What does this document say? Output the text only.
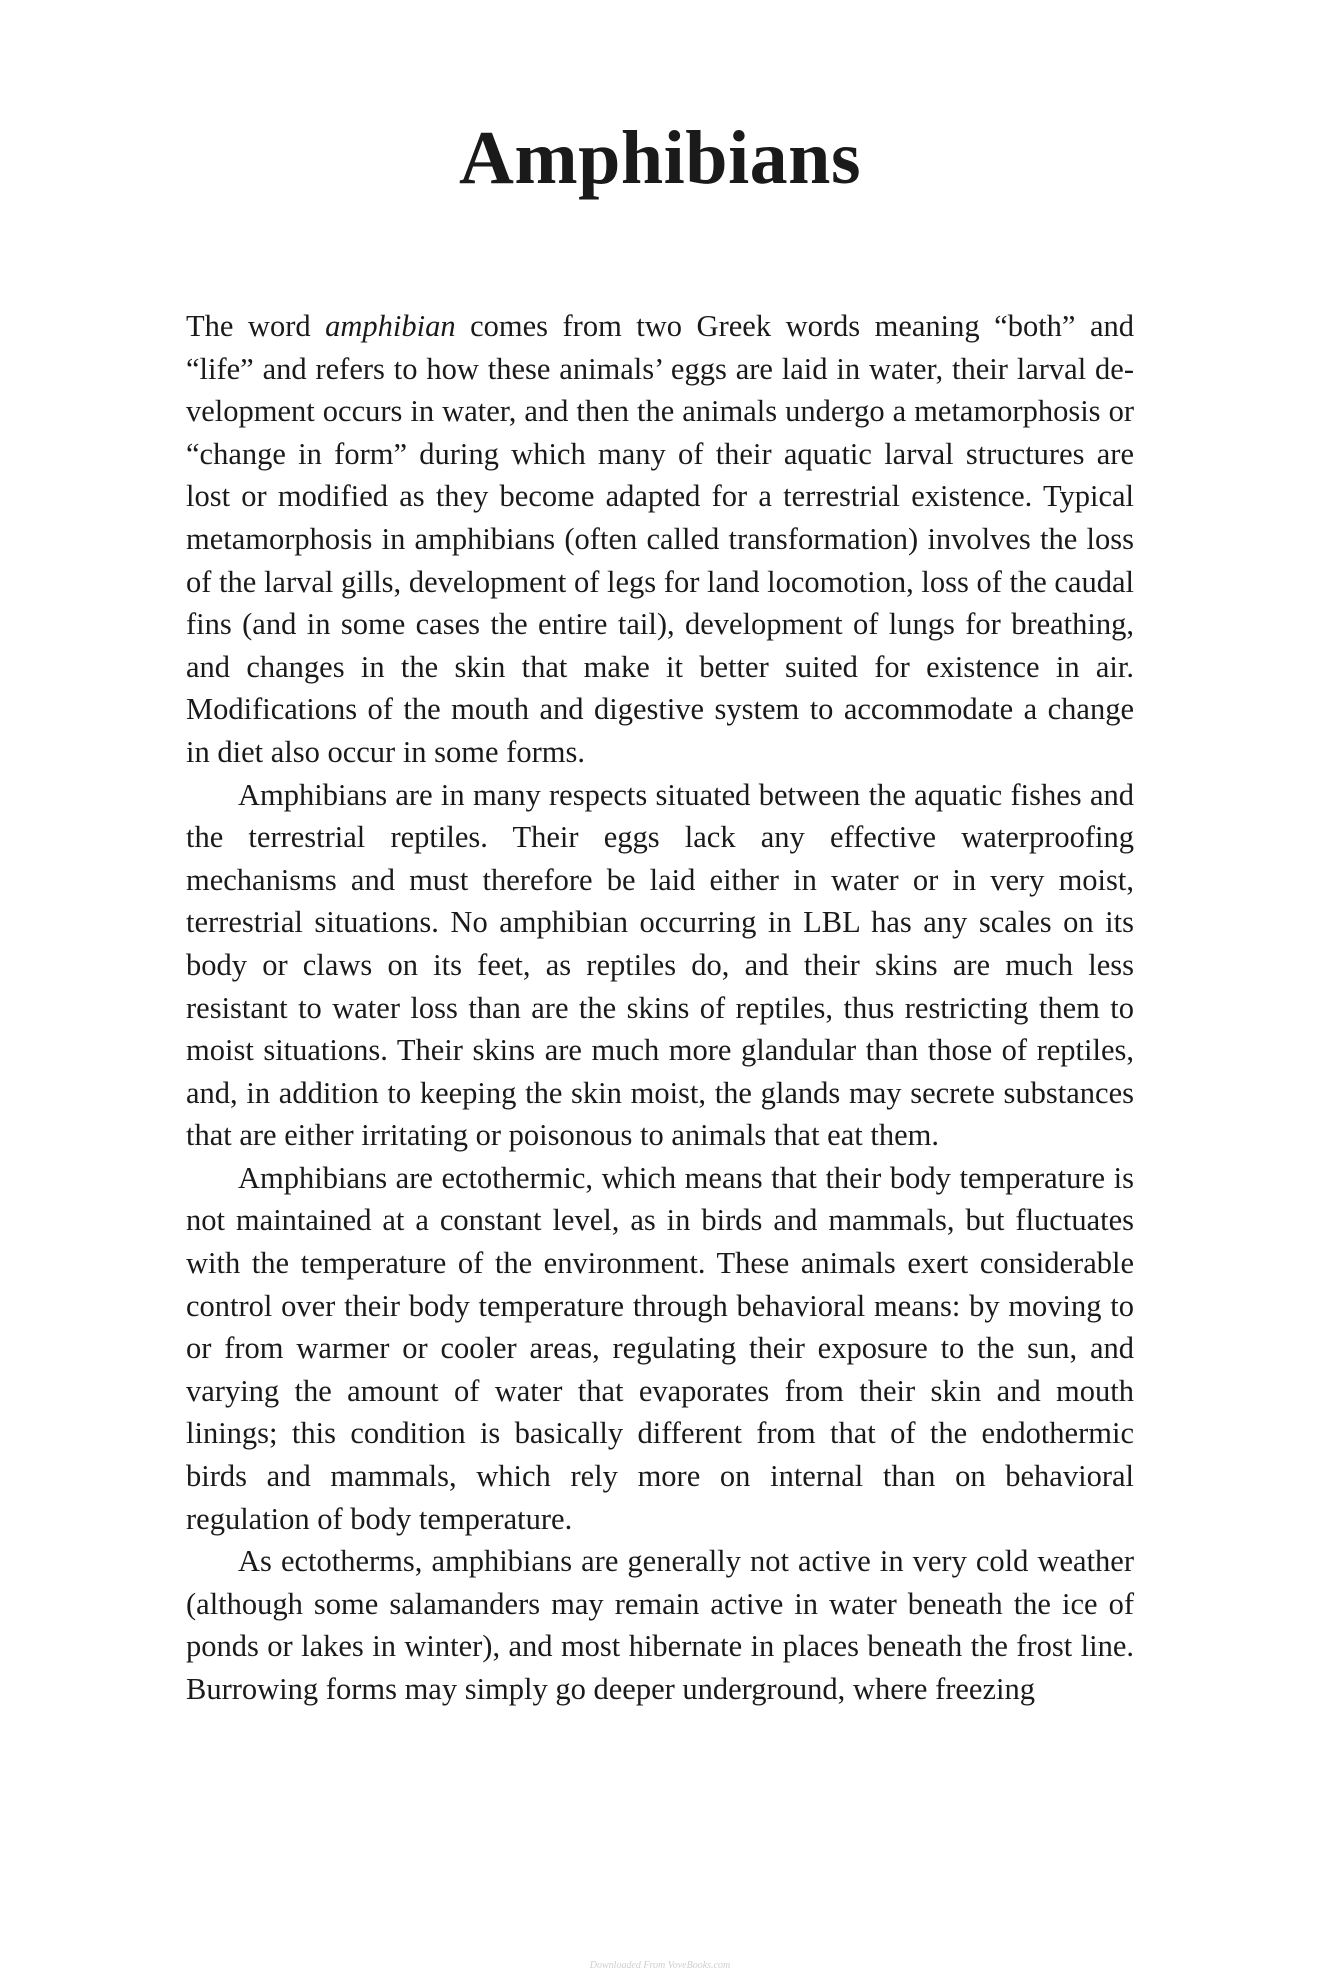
Amphibians

The word amphibian comes from two Greek words meaning “both” and “life” and refers to how these animals’ eggs are laid in water, their larval development occurs in water, and then the animals undergo a metamorphosis or “change in form” during which many of their aquatic larval structures are lost or modified as they become adapted for a terrestrial existence. Typical metamorphosis in amphibians (often called transformation) involves the loss of the larval gills, development of legs for land locomotion, loss of the caudal fins (and in some cases the entire tail), development of lungs for breathing, and changes in the skin that make it better suited for existence in air. Modifications of the mouth and digestive system to accommodate a change in diet also occur in some forms.

Amphibians are in many respects situated between the aquatic fishes and the terrestrial reptiles. Their eggs lack any effective waterproofing mechanisms and must therefore be laid either in water or in very moist, terrestrial situations. No amphibian occurring in LBL has any scales on its body or claws on its feet, as reptiles do, and their skins are much less resistant to water loss than are the skins of reptiles, thus restricting them to moist situations. Their skins are much more glandular than those of reptiles, and, in addition to keeping the skin moist, the glands may secrete substances that are either irritating or poisonous to animals that eat them.

Amphibians are ectothermic, which means that their body temperature is not maintained at a constant level, as in birds and mammals, but fluctuates with the temperature of the environment. These animals exert considerable control over their body temperature through behavioral means: by moving to or from warmer or cooler areas, regulating their exposure to the sun, and varying the amount of water that evaporates from their skin and mouth linings; this condition is basically different from that of the endothermic birds and mammals, which rely more on internal than on behavioral regulation of body temperature.

As ectotherms, amphibians are generally not active in very cold weather (although some salamanders may remain active in water beneath the ice of ponds or lakes in winter), and most hibernate in places beneath the frost line. Burrowing forms may simply go deeper underground, where freezing

Downloaded From VoveBooks.com
